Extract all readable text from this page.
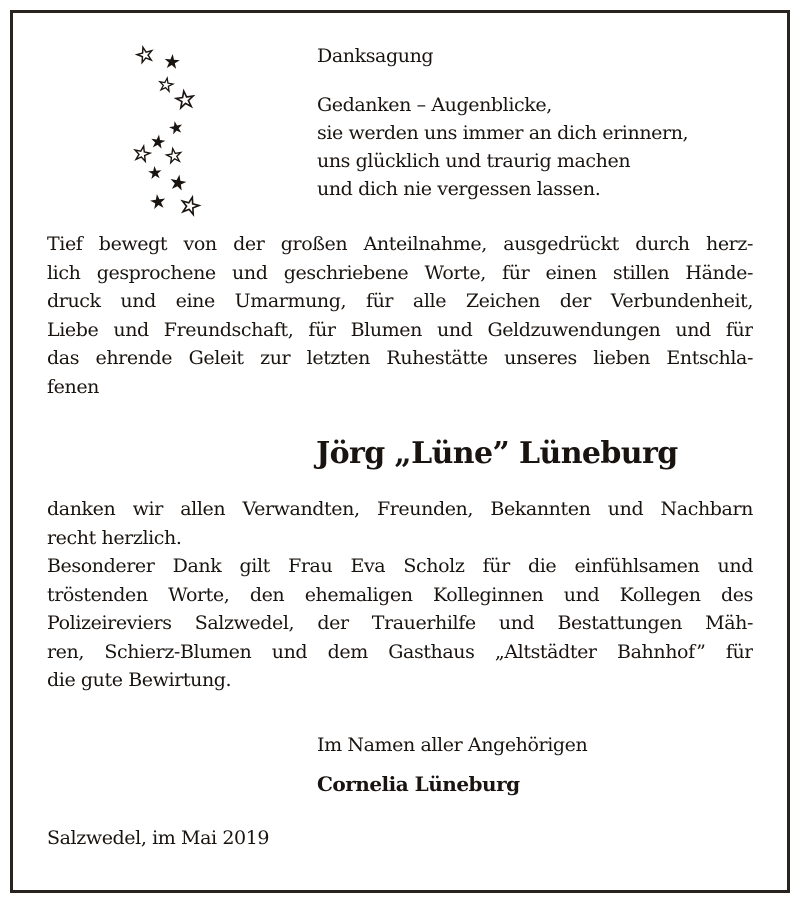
Danksagung
Gedanken – Augenblicke,
sie werden uns immer an dich erinnern,
uns glücklich und traurig machen
und dich nie vergessen lassen.
Tief bewegt von der großen Anteilnahme, ausgedrückt durch herz-
lich gesprochene und geschriebene Worte, für einen stillen Hände-
druck und eine Umarmung, für alle Zeichen der Verbundenheit,
Liebe und Freundschaft, für Blumen und Geldzuwendungen und für
das ehrende Geleit zur letzten Ruhestätte unseres lieben Entschla-
fenen
Jörg „Lüne” Lüneburg
danken wir allen Verwandten, Freunden, Bekannten und Nachbarn
recht herzlich.
Besonderer Dank gilt Frau Eva Scholz für die einfühlsamen und
tröstenden Worte, den ehemaligen Kolleginnen und Kollegen des
Polizeireviers Salzwedel, der Trauerhilfe und Bestattungen Mäh-
ren, Schierz-Blumen und dem Gasthaus „Altstädter Bahnhof” für
die gute Bewirtung.
Im Namen aller Angehörigen
Cornelia Lüneburg
Salzwedel, im Mai 2019
